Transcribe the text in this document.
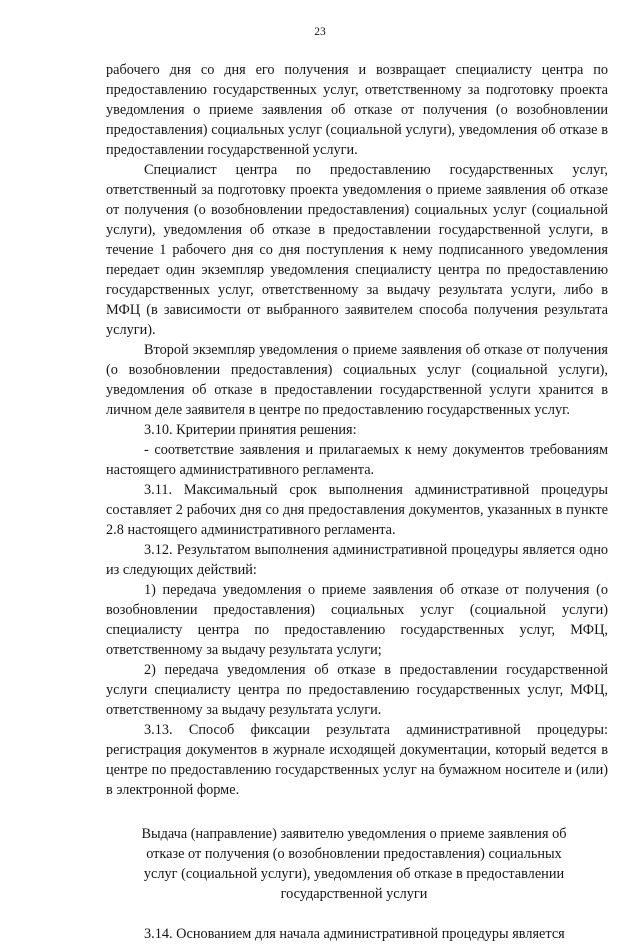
23

рабочего дня со дня его получения и возвращает специалисту центра по предоставлению государственных услуг, ответственному за подготовку проекта уведомления о приеме заявления об отказе от получения (о возобновлении предоставления) социальных услуг (социальной услуги), уведомления об отказе в предоставлении государственной услуги.

Специалист центра по предоставлению государственных услуг, ответственный за подготовку проекта уведомления о приеме заявления об отказе от получения (о возобновлении предоставления) социальных услуг (социальной услуги), уведомления об отказе в предоставлении государственной услуги, в течение 1 рабочего дня со дня поступления к нему подписанного уведомления передает один экземпляр уведомления специалисту центра по предоставлению государственных услуг, ответственному за выдачу результата услуги, либо в МФЦ (в зависимости от выбранного заявителем способа получения результата услуги).

Второй экземпляр уведомления о приеме заявления об отказе от получения (о возобновлении предоставления) социальных услуг (социальной услуги), уведомления об отказе в предоставлении государственной услуги хранится в личном деле заявителя в центре по предоставлению государственных услуг.

3.10. Критерии принятия решения:

- соответствие заявления и прилагаемых к нему документов требованиям настоящего административного регламента.

3.11. Максимальный срок выполнения административной процедуры составляет 2 рабочих дня со дня предоставления документов, указанных в пункте 2.8 настоящего административного регламента.

3.12. Результатом выполнения административной процедуры является одно из следующих действий:

1) передача уведомления о приеме заявления об отказе от получения (о возобновлении предоставления) социальных услуг (социальной услуги) специалисту центра по предоставлению государственных услуг, МФЦ, ответственному за выдачу результата услуги;

2) передача уведомления об отказе в предоставлении государственной услуги специалисту центра по предоставлению государственных услуг, МФЦ, ответственному за выдачу результата услуги.

3.13. Способ фиксации результата административной процедуры: регистрация документов в журнале исходящей документации, который ведется в центре по предоставлению государственных услуг на бумажном носителе и (или) в электронной форме.

Выдача (направление) заявителю уведомления о приеме заявления об отказе от получения (о возобновлении предоставления) социальных услуг (социальной услуги), уведомления об отказе в предоставлении государственной услуги

3.14. Основанием для начала административной процедуры является
